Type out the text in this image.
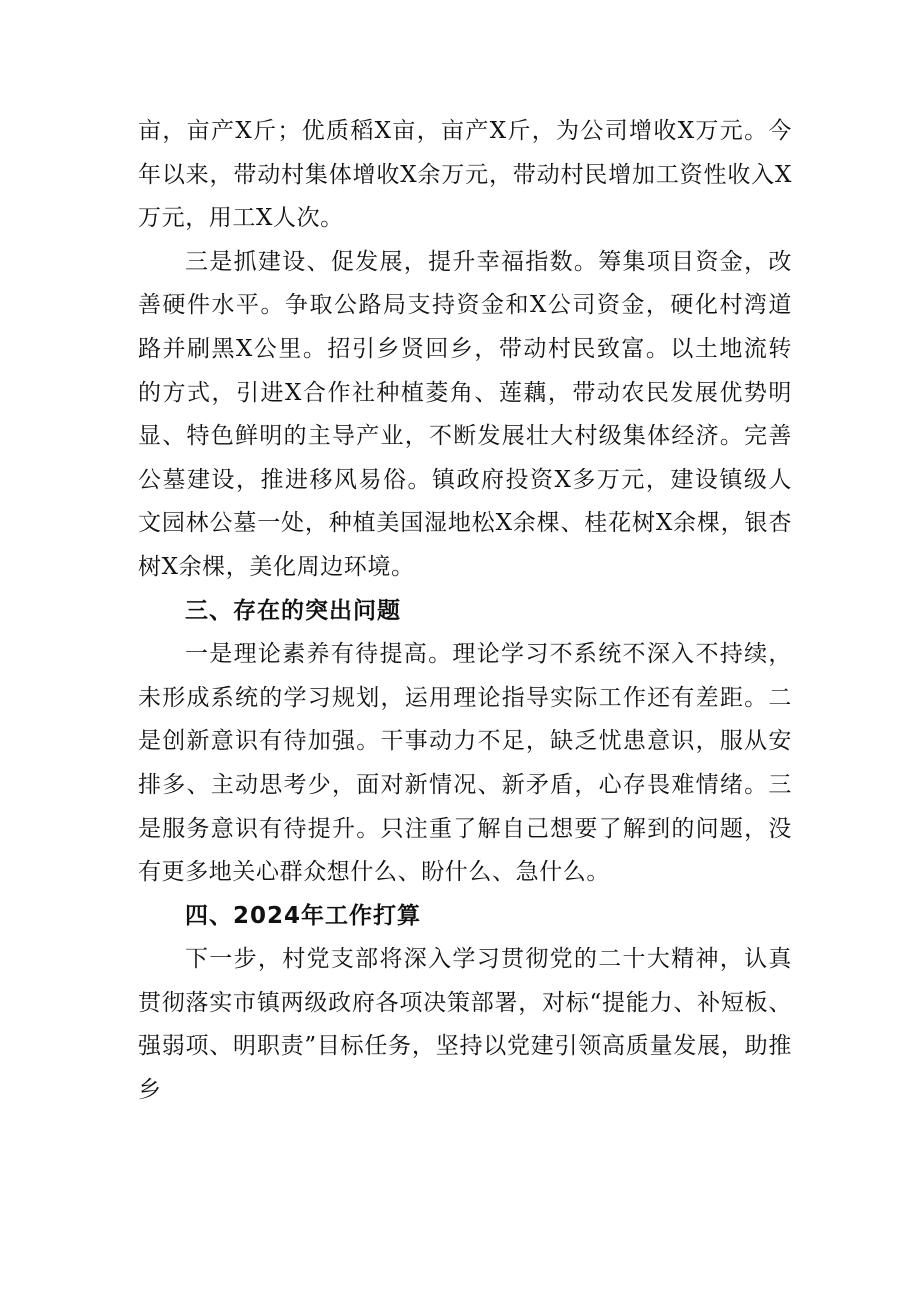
亩，亩产X斤；优质稻X亩，亩产X斤，为公司增收X万元。今年以来，带动村集体增收X余万元，带动村民增加工资性收入X万元，用工X人次。

三是抓建设、促发展，提升幸福指数。筹集项目资金，改善硬件水平。争取公路局支持资金和X公司资金，硬化村湾道路并刷黑X公里。招引乡贤回乡，带动村民致富。以土地流转的方式，引进X合作社种植菱角、莲藕，带动农民发展优势明显、特色鲜明的主导产业，不断发展壮大村级集体经济。完善公墓建设，推进移风易俗。镇政府投资X多万元，建设镇级人文园林公墓一处，种植美国湿地松X余棵、桂花树X余棵，银杏树X余棵，美化周边环境。

三、存在的突出问题

一是理论素养有待提高。理论学习不系统不深入不持续，未形成系统的学习规划，运用理论指导实际工作还有差距。二是创新意识有待加强。干事动力不足，缺乏忧患意识，服从安排多、主动思考少，面对新情况、新矛盾，心存畏难情绪。三是服务意识有待提升。只注重了解自己想要了解到的问题，没有更多地关心群众想什么、盼什么、急什么。

四、2024年工作打算

下一步，村党支部将深入学习贯彻党的二十大精神，认真贯彻落实市镇两级政府各项决策部署，对标“提能力、补短板、强弱项、明职责”目标任务，坚持以党建引领高质量发展，助推乡
